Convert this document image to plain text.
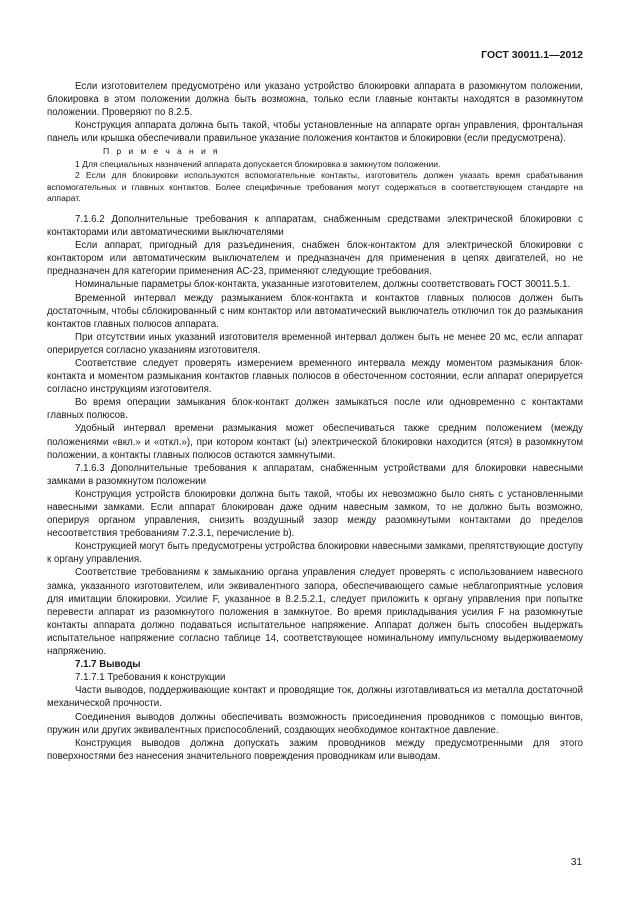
ГОСТ 30011.1—2012

Если изготовителем предусмотрено или указано устройство блокировки аппарата в разомкнутом положении, блокировка в этом положении должна быть возможна, только если главные контакты находятся в разомкнутом положении. Проверяют по 8.2.5.

Конструкция аппарата должна быть такой, чтобы установленные на аппарате орган управления, фронтальная панель или крышка обеспечивали правильное указание положения контактов и блокировки (если предусмотрена).

П р и м е ч а н и я

1 Для специальных назначений аппарата допускается блокировка в замкнутом положении.

2 Если для блокировки используются вспомогательные контакты, изготовитель должен указать время срабатывания вспомогательных и главных контактов. Более специфичные требования могут содержаться в соответствующем стандарте на аппарат.

7.1.6.2 Дополнительные требования к аппаратам, снабженным средствами электрической блокировки с контакторами или автоматическими выключателями

Если аппарат, пригодный для разъединения, снабжен блок-контактом для электрической блокировки с контактором или автоматическим выключателем и предназначен для применения в цепях двигателей, но не предназначен для категории применения АС-23, применяют следующие требования.

Номинальные параметры блок-контакта, указанные изготовителем, должны соответствовать ГОСТ 30011.5.1.

Временной интервал между размыканием блок-контакта и контактов главных полюсов должен быть достаточным, чтобы сблокированный с ним контактор или автоматический выключатель отключил ток до размыкания контактов главных полюсов аппарата.

При отсутствии иных указаний изготовителя временной интервал должен быть не менее 20 мс, если аппарат оперируется согласно указаниям изготовителя.

Соответствие следует проверять измерением временного интервала между моментом размыкания блок-контакта и моментом размыкания контактов главных полюсов в обесточенном состоянии, если аппарат оперируется согласно инструкциям изготовителя.

Во время операции замыкания блок-контакт должен замыкаться после или одновременно с контактами главных полюсов.

Удобный интервал времени размыкания может обеспечиваться также средним положением (между положениями «вкл.» и «откл.»), при котором контакт (ы) электрической блокировки находится (ятся) в разомкнутом положении, а контакты главных полюсов остаются замкнутыми.

7.1.6.3 Дополнительные требования к аппаратам, снабженным устройствами для блокировки навесными замками в разомкнутом положении

Конструкция устройств блокировки должна быть такой, чтобы их невозможно было снять с установленными навесными замками. Если аппарат блокирован даже одним навесным замком, то не должно быть возможно, оперируя органом управления, снизить воздушный зазор между разомкнутыми контактами до пределов несоответствия требованиям 7.2.3.1, перечисление b).

Конструкцией могут быть предусмотрены устройства блокировки навесными замками, препятствующие доступу к органу управления.

Соответствие требованиям к замыканию органа управления следует проверять с использованием навесного замка, указанного изготовителем, или эквивалентного запора, обеспечивающего самые неблагоприятные условия для имитации блокировки. Усилие F, указанное в 8.2.5.2.1, следует приложить к органу управления при попытке перевести аппарат из разомкнутого положения в замкнутое. Во время прикладывания усилия F на разомкнутые контакты аппарата должно подаваться испытательное напряжение. Аппарат должен быть способен выдержать испытательное напряжение согласно таблице 14, соответствующее номинальному импульсному выдерживаемому напряжению.

7.1.7 Выводы

7.1.7.1 Требования к конструкции

Части выводов, поддерживающие контакт и проводящие ток, должны изготавливаться из металла достаточной механической прочности.

Соединения выводов должны обеспечивать возможность присоединения проводников с помощью винтов, пружин или других эквивалентных приспособлений, создающих необходимое контактное давление.

Конструкция выводов должна допускать зажим проводников между предусмотренными для этого поверхностями без нанесения значительного повреждения проводникам или выводам.

31
